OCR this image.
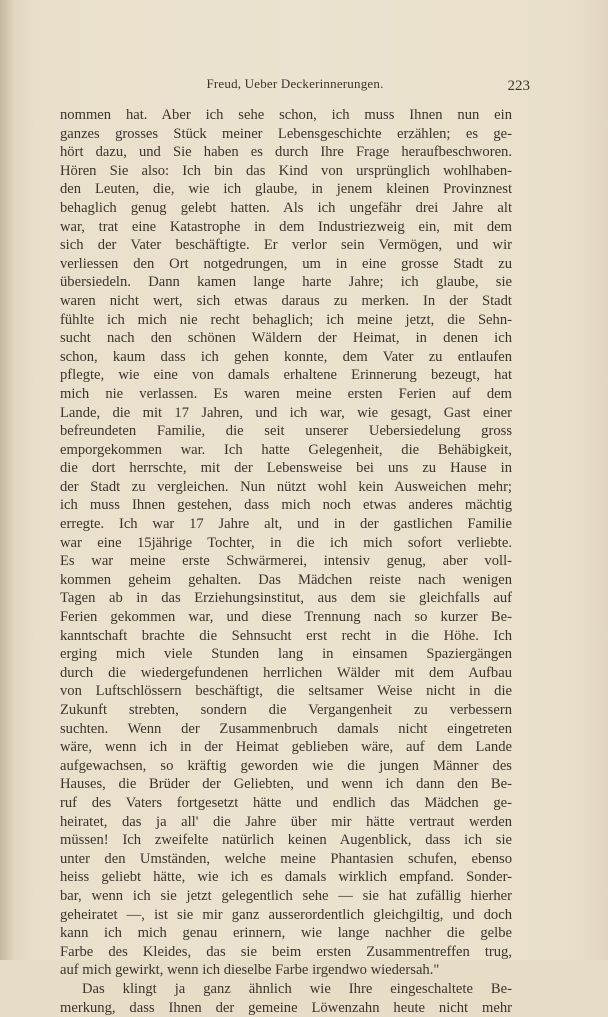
Freud, Ueber Deckerinnerungen.	223
nommen hat. Aber ich sehe schon, ich muss Ihnen nun ein
ganzes grosses Stück meiner Lebensgeschichte erzählen; es ge-
hört dazu, und Sie haben es durch Ihre Frage heraufbeschworen.
Hören Sie also: Ich bin das Kind von ursprünglich wohlhaben-
den Leuten, die, wie ich glaube, in jenem kleinen Provinznest
behaglich genug gelebt hatten. Als ich ungefähr drei Jahre alt
war, trat eine Katastrophe in dem Industriezweig ein, mit dem
sich der Vater beschäftigte. Er verlor sein Vermögen, und wir
verliessen den Ort notgedrungen, um in eine grosse Stadt zu
übersiedeln. Dann kamen lange harte Jahre; ich glaube, sie
waren nicht wert, sich etwas daraus zu merken. In der Stadt
fühlte ich mich nie recht behaglich; ich meine jetzt, die Sehn-
sucht nach den schönen Wäldern der Heimat, in denen ich
schon, kaum dass ich gehen konnte, dem Vater zu entlaufen
pflegte, wie eine von damals erhaltene Erinnerung bezeugt, hat
mich nie verlassen. Es waren meine ersten Ferien auf dem
Lande, die mit 17 Jahren, und ich war, wie gesagt, Gast einer
befreundeten Familie, die seit unserer Uebersiedelung gross
emporgekommen war. Ich hatte Gelegenheit, die Behäbigkeit,
die dort herrschte, mit der Lebensweise bei uns zu Hause in
der Stadt zu vergleichen. Nun nützt wohl kein Ausweichen mehr;
ich muss Ihnen gestehen, dass mich noch etwas anderes mächtig
erregte. Ich war 17 Jahre alt, und in der gastlichen Familie
war eine 15jährige Tochter, in die ich mich sofort verliebte.
Es war meine erste Schwärmerei, intensiv genug, aber voll-
kommen geheim gehalten. Das Mädchen reiste nach wenigen
Tagen ab in das Erziehungsinstitut, aus dem sie gleichfalls auf
Ferien gekommen war, und diese Trennung nach so kurzer Be-
kanntschaft brachte die Sehnsucht erst recht in die Höhe. Ich
erging mich viele Stunden lang in einsamen Spaziergängen
durch die wiedergefundenen herrlichen Wälder mit dem Aufbau
von Luftschlössern beschäftigt, die seltsamer Weise nicht in die
Zukunft strebten, sondern die Vergangenheit zu verbessern
suchten. Wenn der Zusammenbruch damals nicht eingetreten
wäre, wenn ich in der Heimat geblieben wäre, auf dem Lande
aufgewachsen, so kräftig geworden wie die jungen Männer des
Hauses, die Brüder der Geliebten, und wenn ich dann den Be-
ruf des Vaters fortgesetzt hätte und endlich das Mädchen ge-
heiratet, das ja all' die Jahre über mir hätte vertraut werden
müssen! Ich zweifelte natürlich keinen Augenblick, dass ich sie
unter den Umständen, welche meine Phantasien schufen, ebenso
heiss geliebt hätte, wie ich es damals wirklich empfand. Sonder-
bar, wenn ich sie jetzt gelegentlich sehe — sie hat zufällig hierher
geheiratet —, ist sie mir ganz ausserordentlich gleichgiltig, und doch
kann ich mich genau erinnern, wie lange nachher die gelbe
Farbe des Kleides, das sie beim ersten Zusammentreffen trug,
auf mich gewirkt, wenn ich dieselbe Farbe irgendwo wiedersah."
Das klingt ja ganz ähnlich wie Ihre eingeschaltete Be-
merkung, dass Ihnen der gemeine Löwenzahn heute nicht mehr
